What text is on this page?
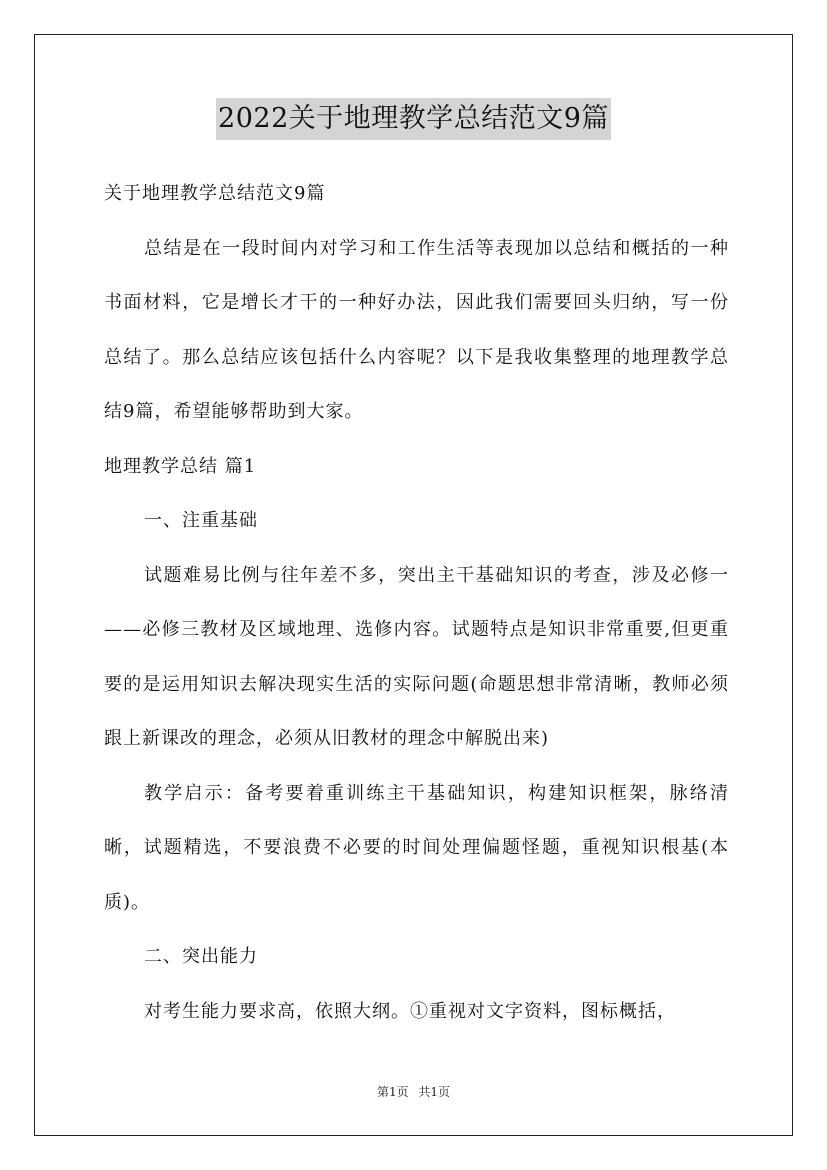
2022关于地理教学总结范文9篇

关于地理教学总结范文9篇

总结是在一段时间内对学习和工作生活等表现加以总结和概括的一种书面材料，它是增长才干的一种好办法，因此我们需要回头归纳，写一份总结了。那么总结应该包括什么内容呢？以下是我收集整理的地理教学总结9篇，希望能够帮助到大家。

地理教学总结 篇1

一、注重基础

试题难易比例与往年差不多，突出主干基础知识的考查，涉及必修一——必修三教材及区域地理、选修内容。试题特点是知识非常重要,但更重要的是运用知识去解决现实生活的实际问题(命题思想非常清晰，教师必须跟上新课改的理念，必须从旧教材的理念中解脱出来)

教学启示：备考要着重训练主干基础知识，构建知识框架，脉络清晰，试题精选，不要浪费不必要的时间处理偏题怪题，重视知识根基(本质)。

二、突出能力

对考生能力要求高，依照大纲。①重视对文字资料，图标概括，

第1页 共1页
